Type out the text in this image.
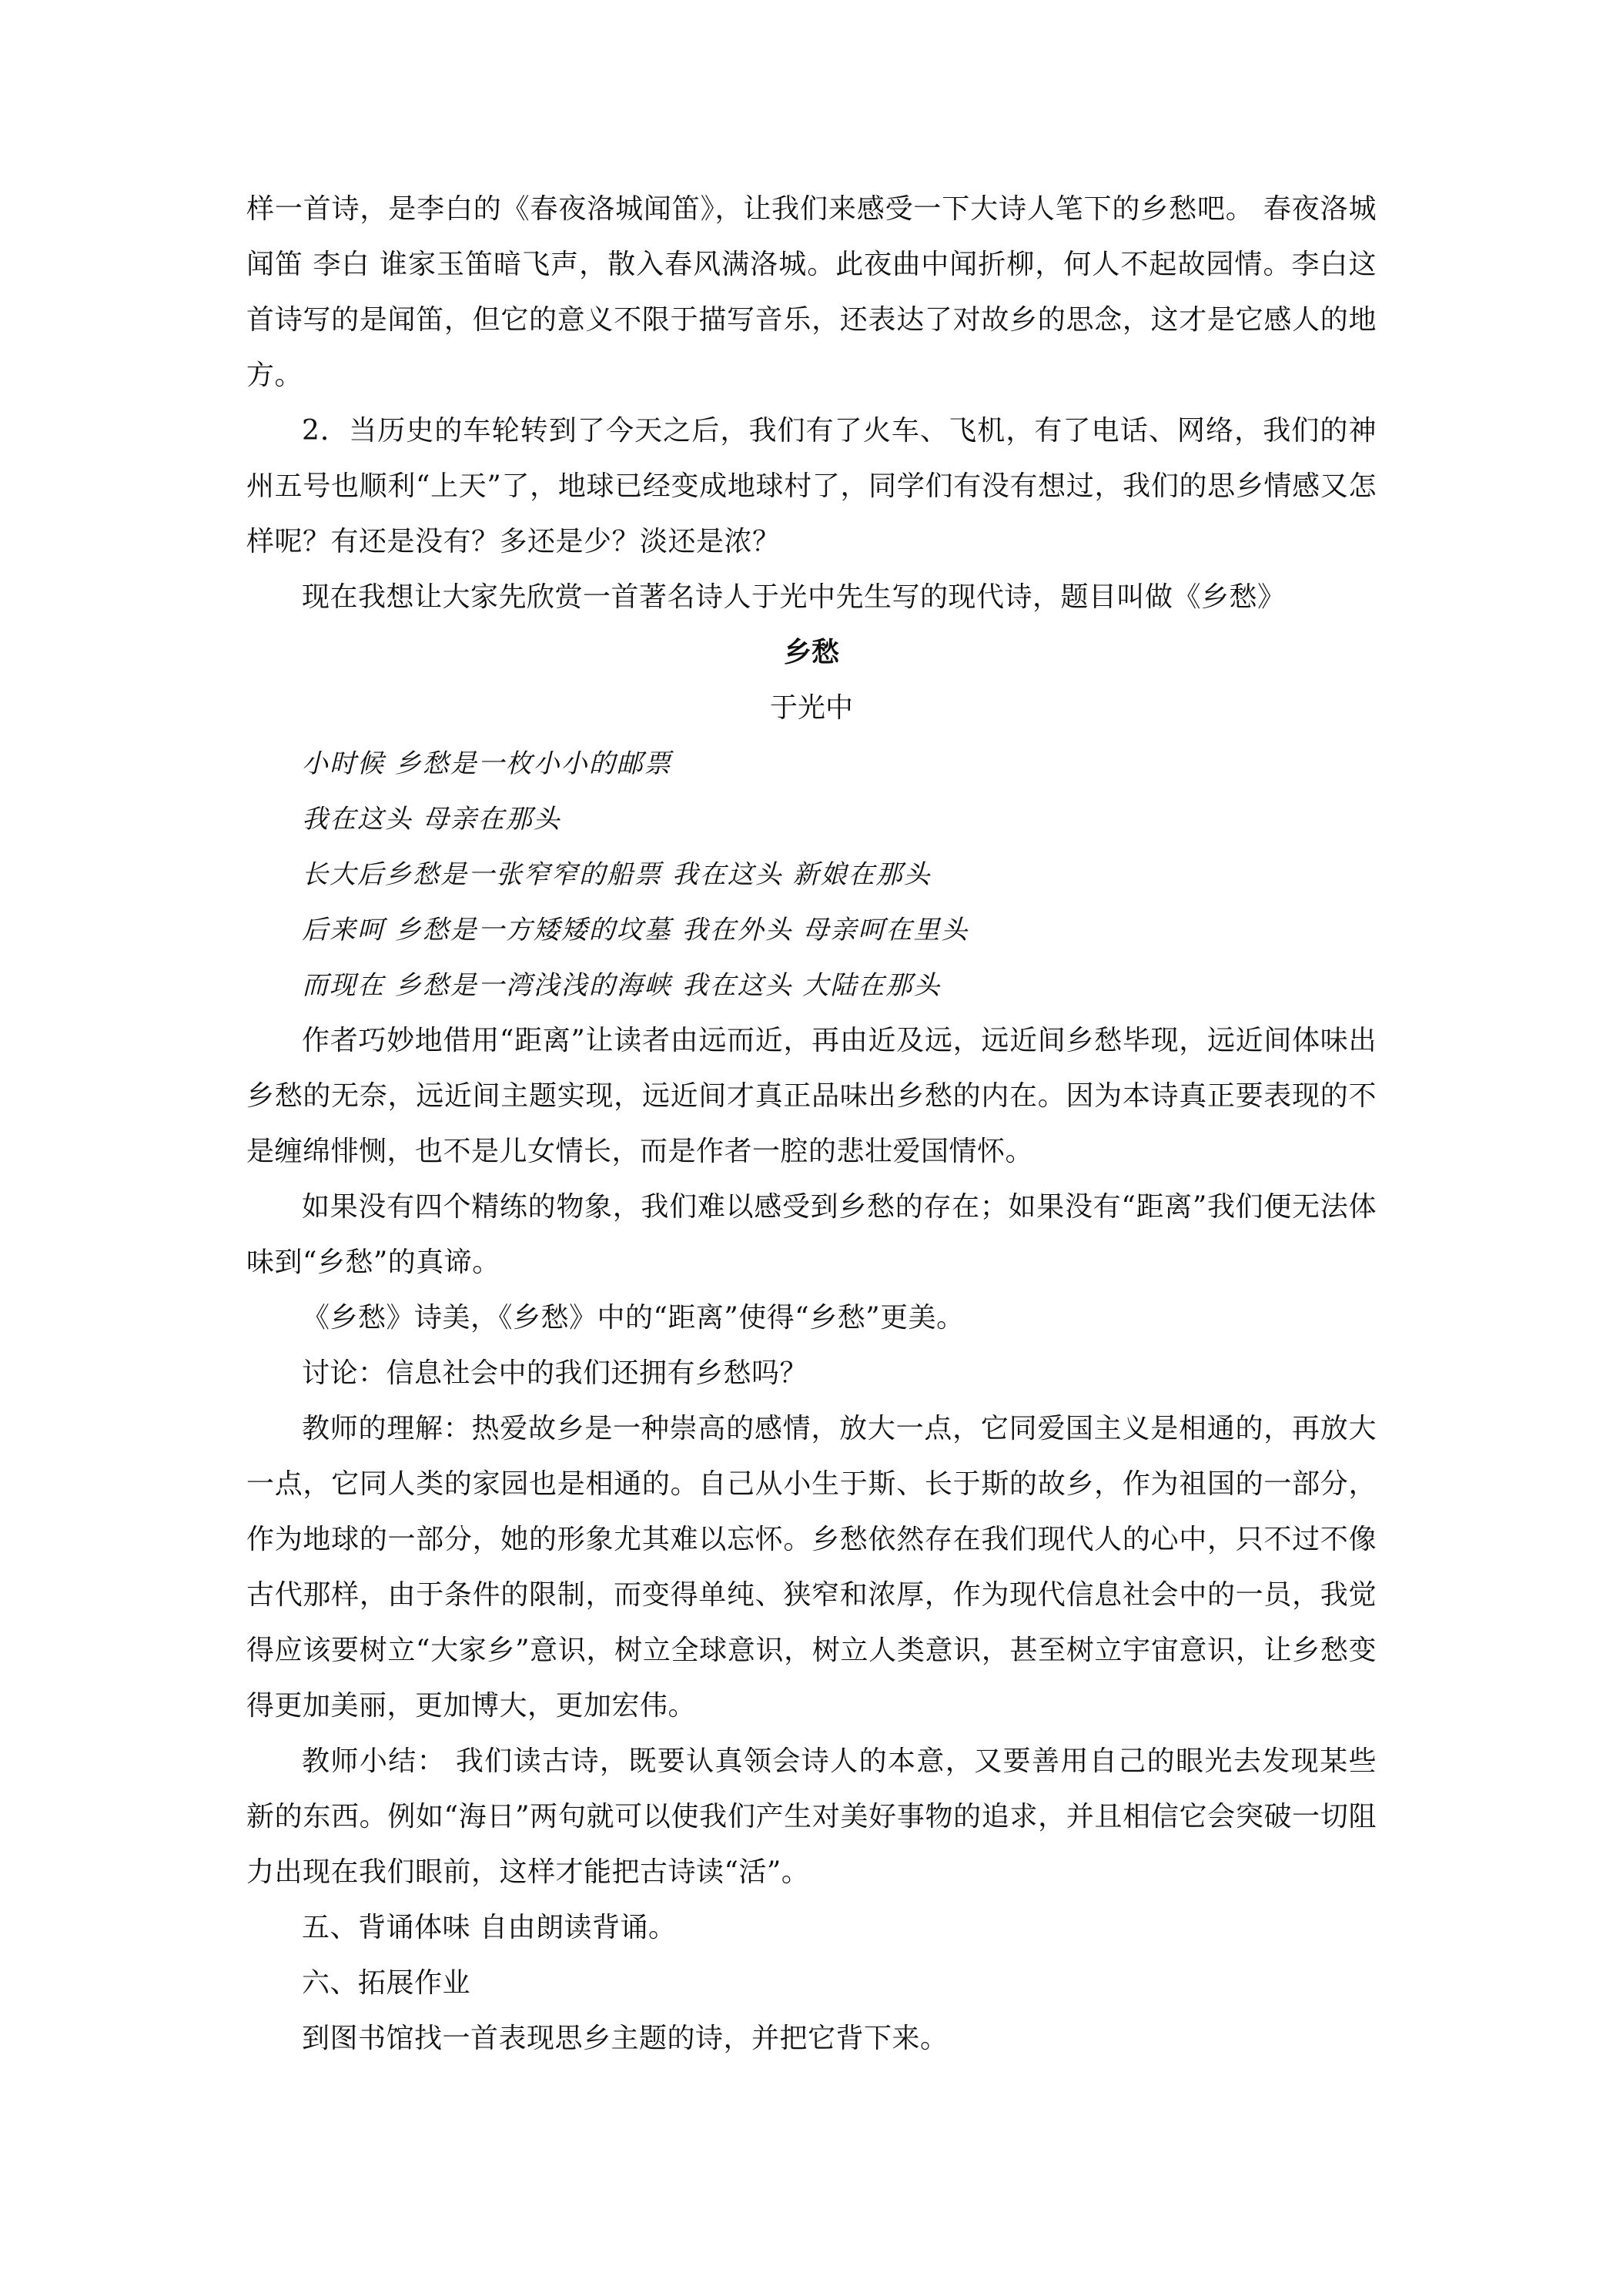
样一首诗，是李白的《春夜洛城闻笛》，让我们来感受一下大诗人笔下的乡愁吧。 春夜洛城闻笛 李白 谁家玉笛暗飞声，散入春风满洛城。此夜曲中闻折柳，何人不起故园情。李白这首诗写的是闻笛，但它的意义不限于描写音乐，还表达了对故乡的思念，这才是它感人的地方。

2．当历史的车轮转到了今天之后，我们有了火车、飞机，有了电话、网络，我们的神州五号也顺利“上天”了，地球已经变成地球村了，同学们有没有想过，我们的思乡情感又怎样呢？有还是没有？多还是少？淡还是浓？

现在我想让大家先欣赏一首著名诗人于光中先生写的现代诗，题目叫做《乡愁》

乡愁

于光中

小时候 乡愁是一枚小小的邮票

我在这头 母亲在那头

长大后乡愁是一张窄窄的船票 我在这头 新娘在那头

后来呵 乡愁是一方矮矮的坟墓 我在外头 母亲呵在里头

而现在 乡愁是一湾浅浅的海峡 我在这头 大陆在那头

作者巧妙地借用“距离”让读者由远而近，再由近及远，远近间乡愁毕现，远近间体味出乡愁的无奈，远近间主题实现，远近间才真正品味出乡愁的内在。因为本诗真正要表现的不是缠绵悱恻，也不是儿女情长，而是作者一腔的悲壮爱国情怀。

如果没有四个精练的物象，我们难以感受到乡愁的存在；如果没有“距离”我们便无法体味到“乡愁”的真谛。

《乡愁》诗美，《乡愁》中的“距离”使得“乡愁”更美。

讨论：信息社会中的我们还拥有乡愁吗？

教师的理解：热爱故乡是一种崇高的感情，放大一点，它同爱国主义是相通的，再放大一点，它同人类的家园也是相通的。自己从小生于斯、长于斯的故乡，作为祖国的一部分，作为地球的一部分，她的形象尤其难以忘怀。乡愁依然存在我们现代人的心中，只不过不像古代那样，由于条件的限制，而变得单纯、狭窄和浓厚，作为现代信息社会中的一员，我觉得应该要树立“大家乡”意识，树立全球意识，树立人类意识，甚至树立宇宙意识，让乡愁变得更加美丽，更加博大，更加宏伟。

教师小结： 我们读古诗，既要认真领会诗人的本意，又要善用自己的眼光去发现某些新的东西。例如“海日”两句就可以使我们产生对美好事物的追求，并且相信它会突破一切阻力出现在我们眼前，这样才能把古诗读“活”。

五、背诵体味 自由朗读背诵。

六、拓展作业

到图书馆找一首表现思乡主题的诗，并把它背下来。
